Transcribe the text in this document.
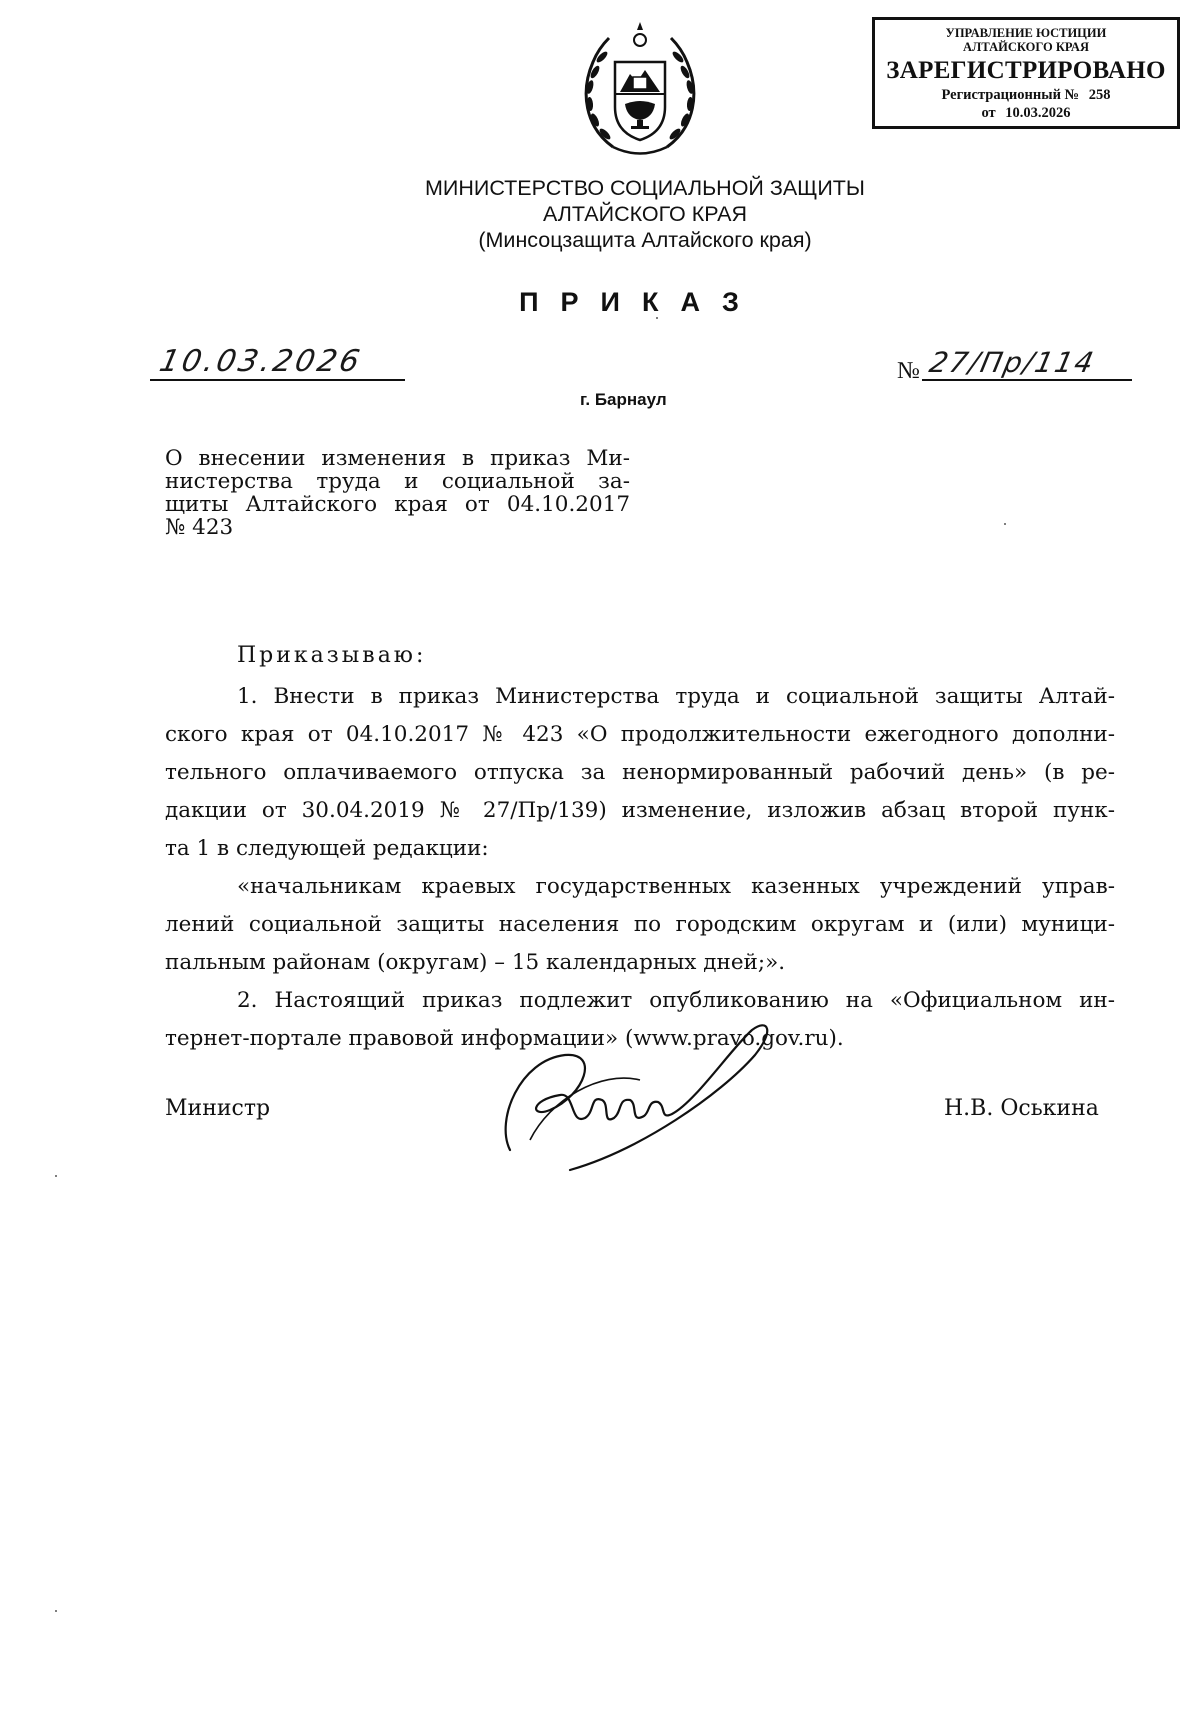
УПРАВЛЕНИЕ ЮСТИЦИИ
АЛТАЙСКОГО КРАЯ
ЗАРЕГИСТРИРОВАНО
Регистрационный № 258
от 10.03.2026
МИНИСТЕРСТВО СОЦИАЛЬНОЙ ЗАЩИТЫ
АЛТАЙСКОГО КРАЯ
(Минсоцзащита Алтайского края)
ПРИКАЗ
10.03.2026	№ 27/Пр/114
г. Барнаул
О внесении изменения в приказ Ми-
нистерства труда и социальной за-
щиты Алтайского края от 04.10.2017
№ 423
Приказываю:
1. Внести в приказ Министерства труда и социальной защиты Алтай-
ского края от 04.10.2017 № 423 «О продолжительности ежегодного дополни-
тельного оплачиваемого отпуска за ненормированный рабочий день» (в ре-
дакции от 30.04.2019 № 27/Пр/139) изменение, изложив абзац второй пунк-
та 1 в следующей редакции:
«начальникам краевых государственных казенных учреждений управ-
лений социальной защиты населения по городским округам и (или) муници-
пальным районам (округам) – 15 календарных дней;».
2. Настоящий приказ подлежит опубликованию на «Официальном ин-
тернет-портале правовой информации» (www.pravo.gov.ru).
Министр	Н.В. Оськина
